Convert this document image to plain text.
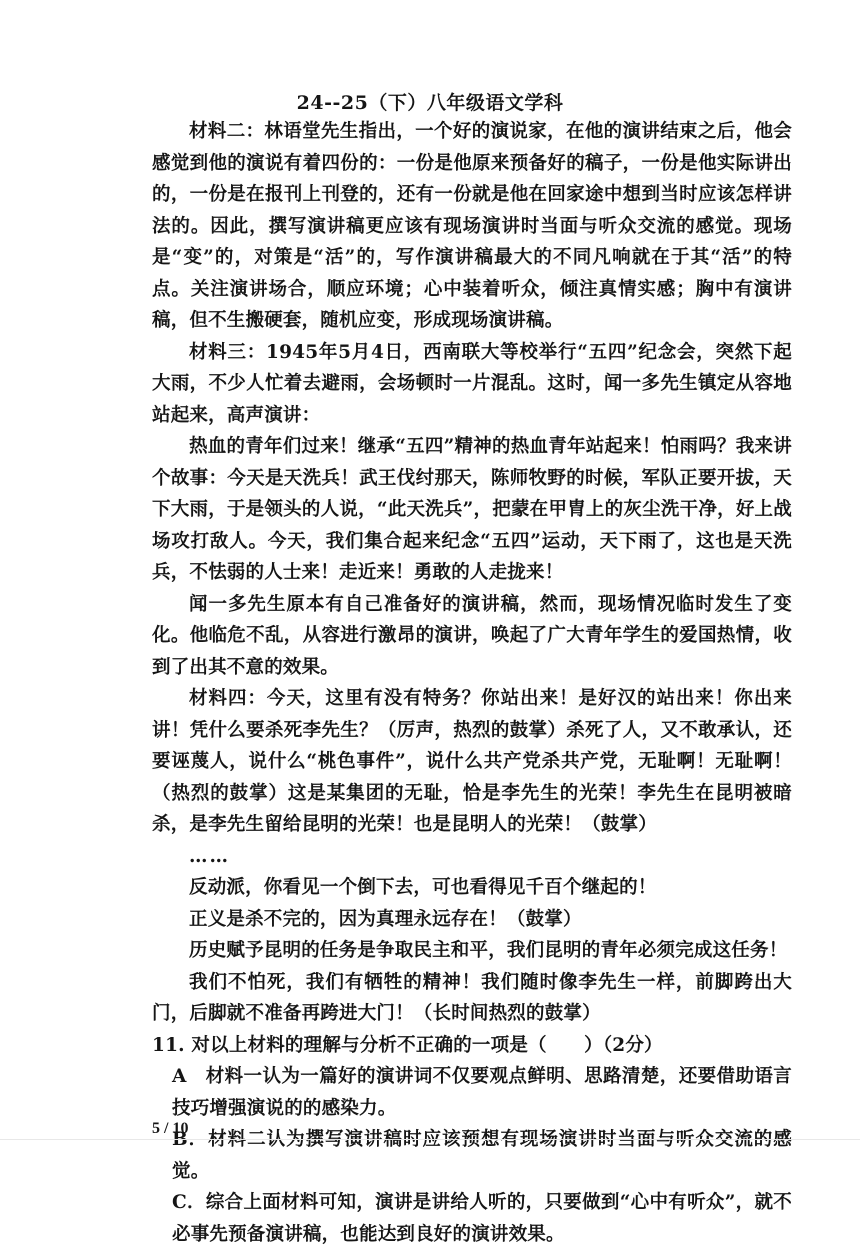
24--25（下）八年级语文学科

材料二：林语堂先生指出，一个好的演说家，在他的演讲结束之后，他会感觉到他的演说有着四份的：一份是他原来预备好的稿子，一份是他实际讲出的，一份是在报刊上刊登的，还有一份就是他在回家途中想到当时应该怎样讲法的。因此，撰写演讲稿更应该有现场演讲时当面与听众交流的感觉。现场是“变”的，对策是“活”的，写作演讲稿最大的不同凡响就在于其“活”的特点。关注演讲场合，顺应环境；心中装着听众，倾注真情实感；胸中有演讲稿，但不生搬硬套，随机应变，形成现场演讲稿。

材料三：1945年5月4日，西南联大等校举行“五四”纪念会，突然下起大雨，不少人忙着去避雨，会场顿时一片混乱。这时，闻一多先生镇定从容地站起来，高声演讲：

热血的青年们过来！继承“五四”精神的热血青年站起来！怕雨吗？我来讲个故事：今天是天洗兵！武王伐纣那天，陈师牧野的时候，军队正要开拔，天下大雨，于是领头的人说，“此天洗兵”，把蒙在甲胄上的灰尘洗干净，好上战场攻打敌人。今天，我们集合起来纪念“五四”运动，天下雨了，这也是天洗兵，不怯弱的人士来！走近来！勇敢的人走拢来！

闻一多先生原本有自己准备好的演讲稿，然而，现场情况临时发生了变化。他临危不乱，从容进行激昂的演讲，唤起了广大青年学生的爱国热情，收到了出其不意的效果。

材料四：今天，这里有没有特务？你站出来！是好汉的站出来！你出来讲！凭什么要杀死李先生？（厉声，热烈的鼓掌）杀死了人，又不敢承认，还要诬蔑人，说什么“桃色事件”，说什么共产党杀共产党，无耻啊！无耻啊！（热烈的鼓掌）这是某集团的无耻，恰是李先生的光荣！李先生在昆明被暗杀，是李先生留给昆明的光荣！也是昆明人的光荣！（鼓掌）

……

反动派，你看见一个倒下去，可也看得见千百个继起的！

正义是杀不完的，因为真理永远存在！（鼓掌）

历史赋予昆明的任务是争取民主和平，我们昆明的青年必须完成这任务！

我们不怕死，我们有牺牲的精神！我们随时像李先生一样，前脚跨出大门，后脚就不准备再跨进大门！（长时间热烈的鼓掌）

11. 对以上材料的理解与分析不正确的一项是（　　）（2分）

A　材料一认为一篇好的演讲词不仅要观点鲜明、思路清楚，还要借助语言技巧增强演说的的感染力。

B．材料二认为撰写演讲稿时应该预想有现场演讲时当面与听众交流的感觉。

C．综合上面材料可知，演讲是讲给人听的，只要做到“心中有听众”，就不必事先预备演讲稿，也能达到良好的演讲效果。

5 / 10
